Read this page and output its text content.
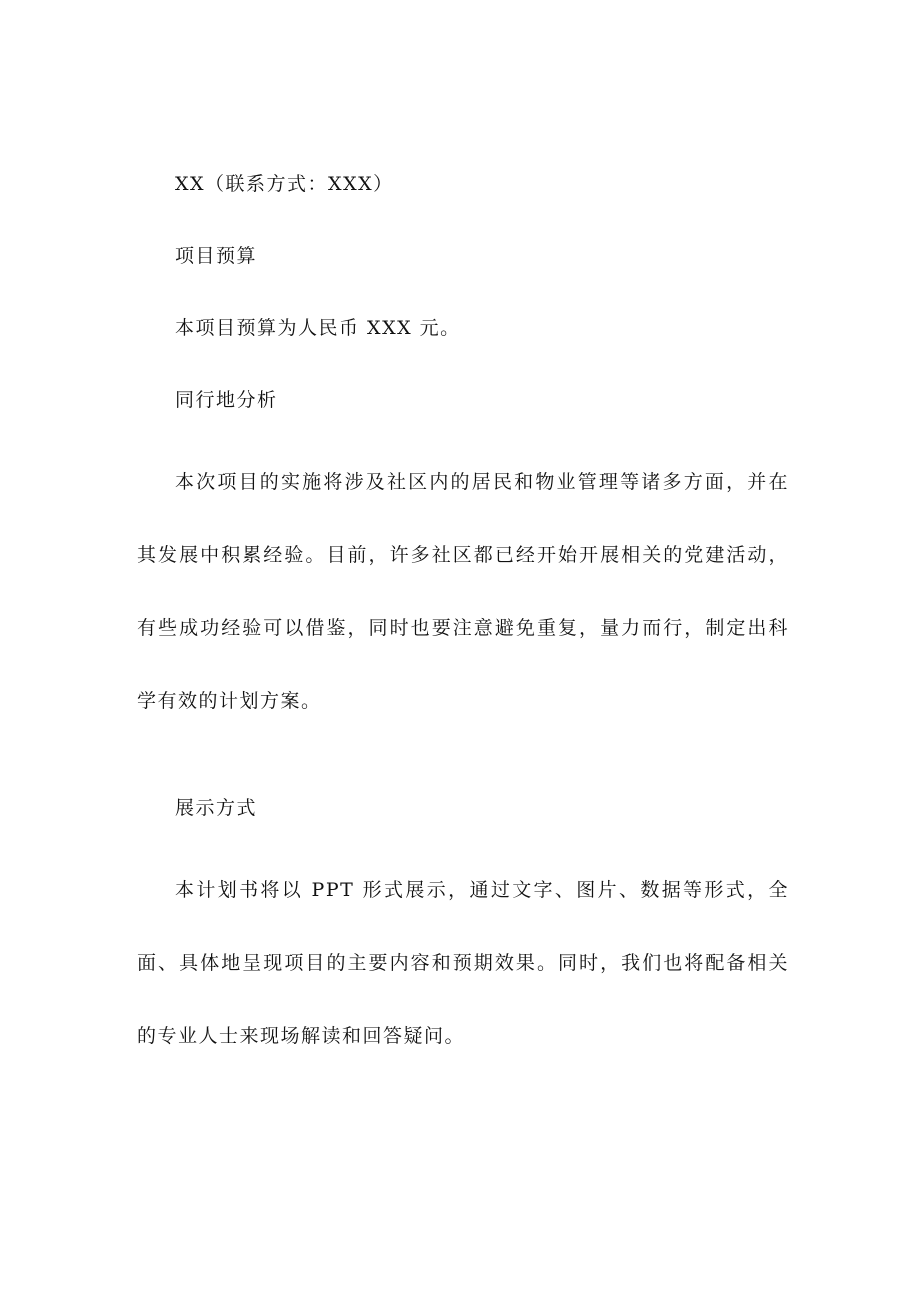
XX（联系方式：XXX）

项目预算

本项目预算为人民币 XXX 元。

同行地分析

本次项目的实施将涉及社区内的居民和物业管理等诸多方面，并在其发展中积累经验。目前，许多社区都已经开始开展相关的党建活动，有些成功经验可以借鉴，同时也要注意避免重复，量力而行，制定出科学有效的计划方案。

展示方式

本计划书将以 PPT 形式展示，通过文字、图片、数据等形式，全面、具体地呈现项目的主要内容和预期效果。同时，我们也将配备相关的专业人士来现场解读和回答疑问。
